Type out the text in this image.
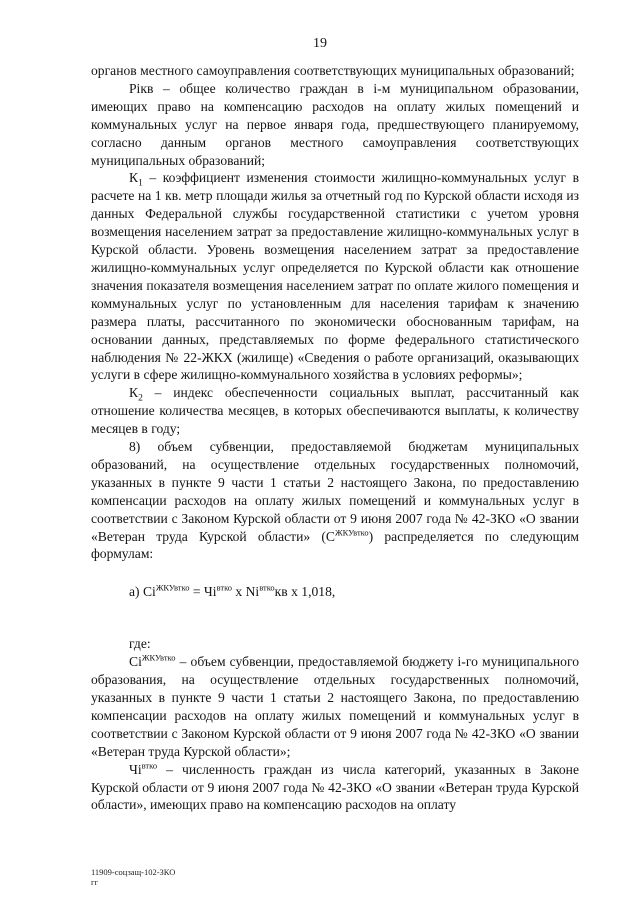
19

органов местного самоуправления соответствующих муниципальных образований;

Рiкв – общее количество граждан в i-м муниципальном образовании, имеющих право на компенсацию расходов на оплату жилых помещений и коммунальных услуг на первое января года, предшествующего планируемому, согласно данным органов местного самоуправления соответствующих муниципальных образований;

$К_1$ – коэффициент изменения стоимости жилищно-коммунальных услуг в расчете на 1 кв. метр площади жилья за отчетный год по Курской области исходя из данных Федеральной службы государственной статистики с учетом уровня возмещения населением затрат за предоставление жилищно-коммунальных услуг в Курской области. Уровень возмещения населением затрат за предоставление жилищно-коммунальных услуг определяется по Курской области как отношение значения показателя возмещения населением затрат по оплате жилого помещения и коммунальных услуг по установленным для населения тарифам к значению размера платы, рассчитанного по экономически обоснованным тарифам, на основании данных, представляемых по форме федерального статистического наблюдения № 22-ЖКХ (жилище) «Сведения о работе организаций, оказывающих услуги в сфере жилищно-коммунального хозяйства в условиях реформы»;

$К_2$ – индекс обеспеченности социальных выплат, рассчитанный как отношение количества месяцев, в которых обеспечиваются выплаты, к количеству месяцев в году;

8) объем субвенции, предоставляемой бюджетам муниципальных образований, на осуществление отдельных государственных полномочий, указанных в пункте 9 части 1 статьи 2 настоящего Закона, по предоставлению компенсации расходов на оплату жилых помещений и коммунальных услуг в соответствии с Законом Курской области от 9 июня 2007 года № 42-ЗКО «О звании «Ветеран труда Курской области» $(С^{ЖКУвтко})$ распределяется по следующим формулам:

а) $Сi^{ЖКУвтко} = Чi^{втко}$ х $Ni^{втко}кв$ х 1,018,

где:

$Сi^{ЖКУвтко}$ – объем субвенции, предоставляемой бюджету i-го муниципального образования, на осуществление отдельных государственных полномочий, указанных в пункте 9 части 1 статьи 2 настоящего Закона, по предоставлению компенсации расходов на оплату жилых помещений и коммунальных услуг в соответствии с Законом Курской области от 9 июня 2007 года № 42-ЗКО «О звании «Ветеран труда Курской области»;

$Чi^{втко}$ – численность граждан из числа категорий, указанных в Законе Курской области от 9 июня 2007 года № 42-ЗКО «О звании «Ветеран труда Курской области», имеющих право на компенсацию расходов на оплату

11909-соцзащ-102-ЗКО
гг
